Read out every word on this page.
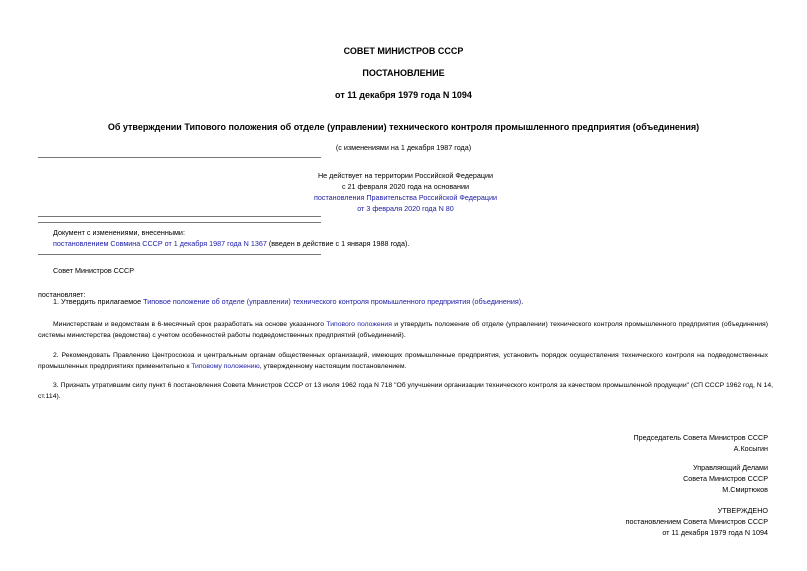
СОВЕТ МИНИСТРОВ СССР
ПОСТАНОВЛЕНИЕ
от 11 декабря 1979 года N 1094
Об утверждении Типового положения об отделе (управлении) технического контроля промышленного предприятия (объединения)
(с изменениями на 1 декабря 1987 года)
Не действует на территории Российской Федерации
с 21 февраля 2020 года на основании
постановления Правительства Российской Федерации
от 3 февраля 2020 года N 80
Документ с изменениями, внесенными:
постановлением Совмина СССР от 1 декабря 1987 года N 1367 (введен в действие с 1 января 1988 года).
Совет Министров СССР
постановляет:
1. Утвердить прилагаемое Типовое положение об отделе (управлении) технического контроля промышленного предприятия (объединения).
Министерствам и ведомствам в 6-месячный срок разработать на основе указанного Типового положения и утвердить положение об отделе (управлении) технического контроля промышленного предприятия (объединения) системы министерства (ведомства) с учетом особенностей работы подведомственных предприятий (объединений).
2. Рекомендовать Правлению Центросоюза и центральным органам общественных организаций, имеющих промышленные предприятия, установить порядок осуществления технического контроля на подведомственных промышленных предприятиях применительно к Типовому положению, утвержденному настоящим постановлением.
3. Признать утратившим силу пункт 6 постановления Совета Министров СССР от 13 июля 1962 года N 718 "Об улучшении организации технического контроля за качеством промышленной продукции" (СП СССР 1962 год, N 14, ст.114).
Председатель Совета Министров СССР
А.Косыгин
Управляющий Делами
Совета Министров СССР
М.Смиртюков
УТВЕРЖДЕНО
постановлением Совета Министров СССР
от 11 декабря 1979 года N 1094
